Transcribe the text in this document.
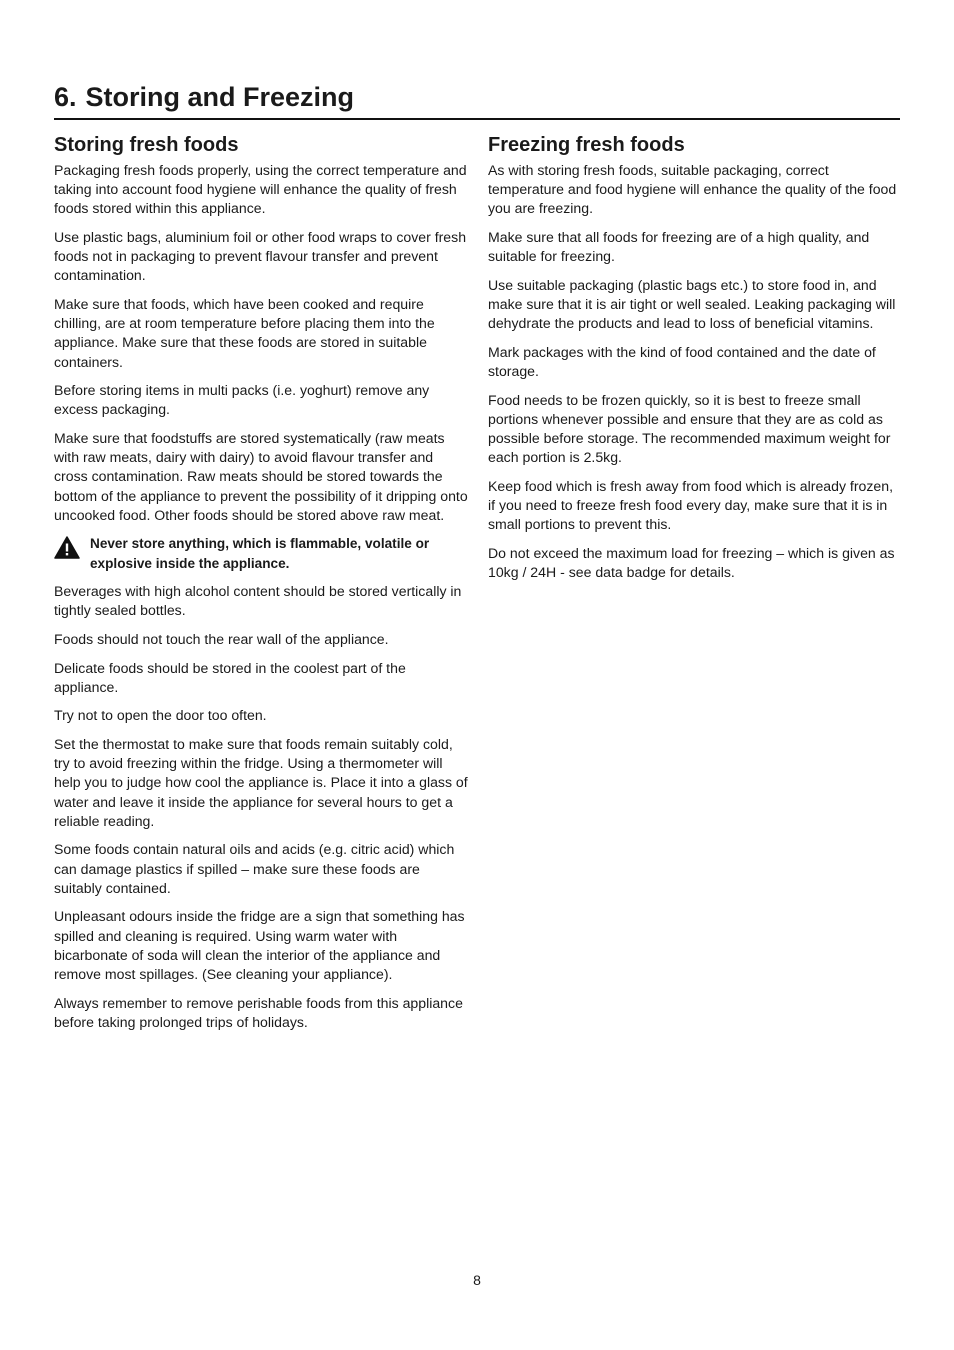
6. Storing and Freezing
Storing fresh foods

Packaging fresh foods properly, using the correct temperature and taking into account food hygiene will enhance the quality of fresh foods stored within this appliance.

Use plastic bags, aluminium foil or other food wraps to cover fresh foods not in packaging to prevent flavour transfer and prevent contamination.

Make sure that foods, which have been cooked and require chilling, are at room temperature before placing them into the appliance. Make sure that these foods are stored in suitable containers.

Before storing items in multi packs (i.e. yoghurt) remove any excess packaging.

Make sure that foodstuffs are stored systematically (raw meats with raw meats, dairy with dairy) to avoid flavour transfer and cross contamination. Raw meats should be stored towards the bottom of the appliance to prevent the possibility of it dripping onto uncooked food. Other foods should be stored above raw meat.

Never store anything, which is flammable, volatile or explosive inside the appliance.

Beverages with high alcohol content should be stored vertically in tightly sealed bottles.

Foods should not touch the rear wall of the appliance.

Delicate foods should be stored in the coolest part of the appliance.

Try not to open the door too often.

Set the thermostat to make sure that foods remain suitably cold, try to avoid freezing within the fridge. Using a thermometer will help you to judge how cool the appliance is. Place it into a glass of water and leave it inside the appliance for several hours to get a reliable reading.

Some foods contain natural oils and acids (e.g. citric acid) which can damage plastics if spilled – make sure these foods are suitably contained.

Unpleasant odours inside the fridge are a sign that something has spilled and cleaning is required. Using warm water with bicarbonate of soda will clean the interior of the appliance and remove most spillages. (See cleaning your appliance).

Always remember to remove perishable foods from this appliance before taking prolonged trips of holidays.

Freezing fresh foods

As with storing fresh foods, suitable packaging, correct temperature and food hygiene will enhance the quality of the food you are freezing.

Make sure that all foods for freezing are of a high quality, and suitable for freezing.

Use suitable packaging (plastic bags etc.) to store food in, and make sure that it is air tight or well sealed. Leaking packaging will dehydrate the products and lead to loss of beneficial vitamins.

Mark packages with the kind of food contained and the date of storage.

Food needs to be frozen quickly, so it is best to freeze small portions whenever possible and ensure that they are as cold as possible before storage. The recommended maximum weight for each portion is 2.5kg.

Keep food which is fresh away from food which is already frozen, if you need to freeze fresh food every day, make sure that it is in small portions to prevent this.

Do not exceed the maximum load for freezing – which is given as 10kg / 24H - see data badge for details.

8
